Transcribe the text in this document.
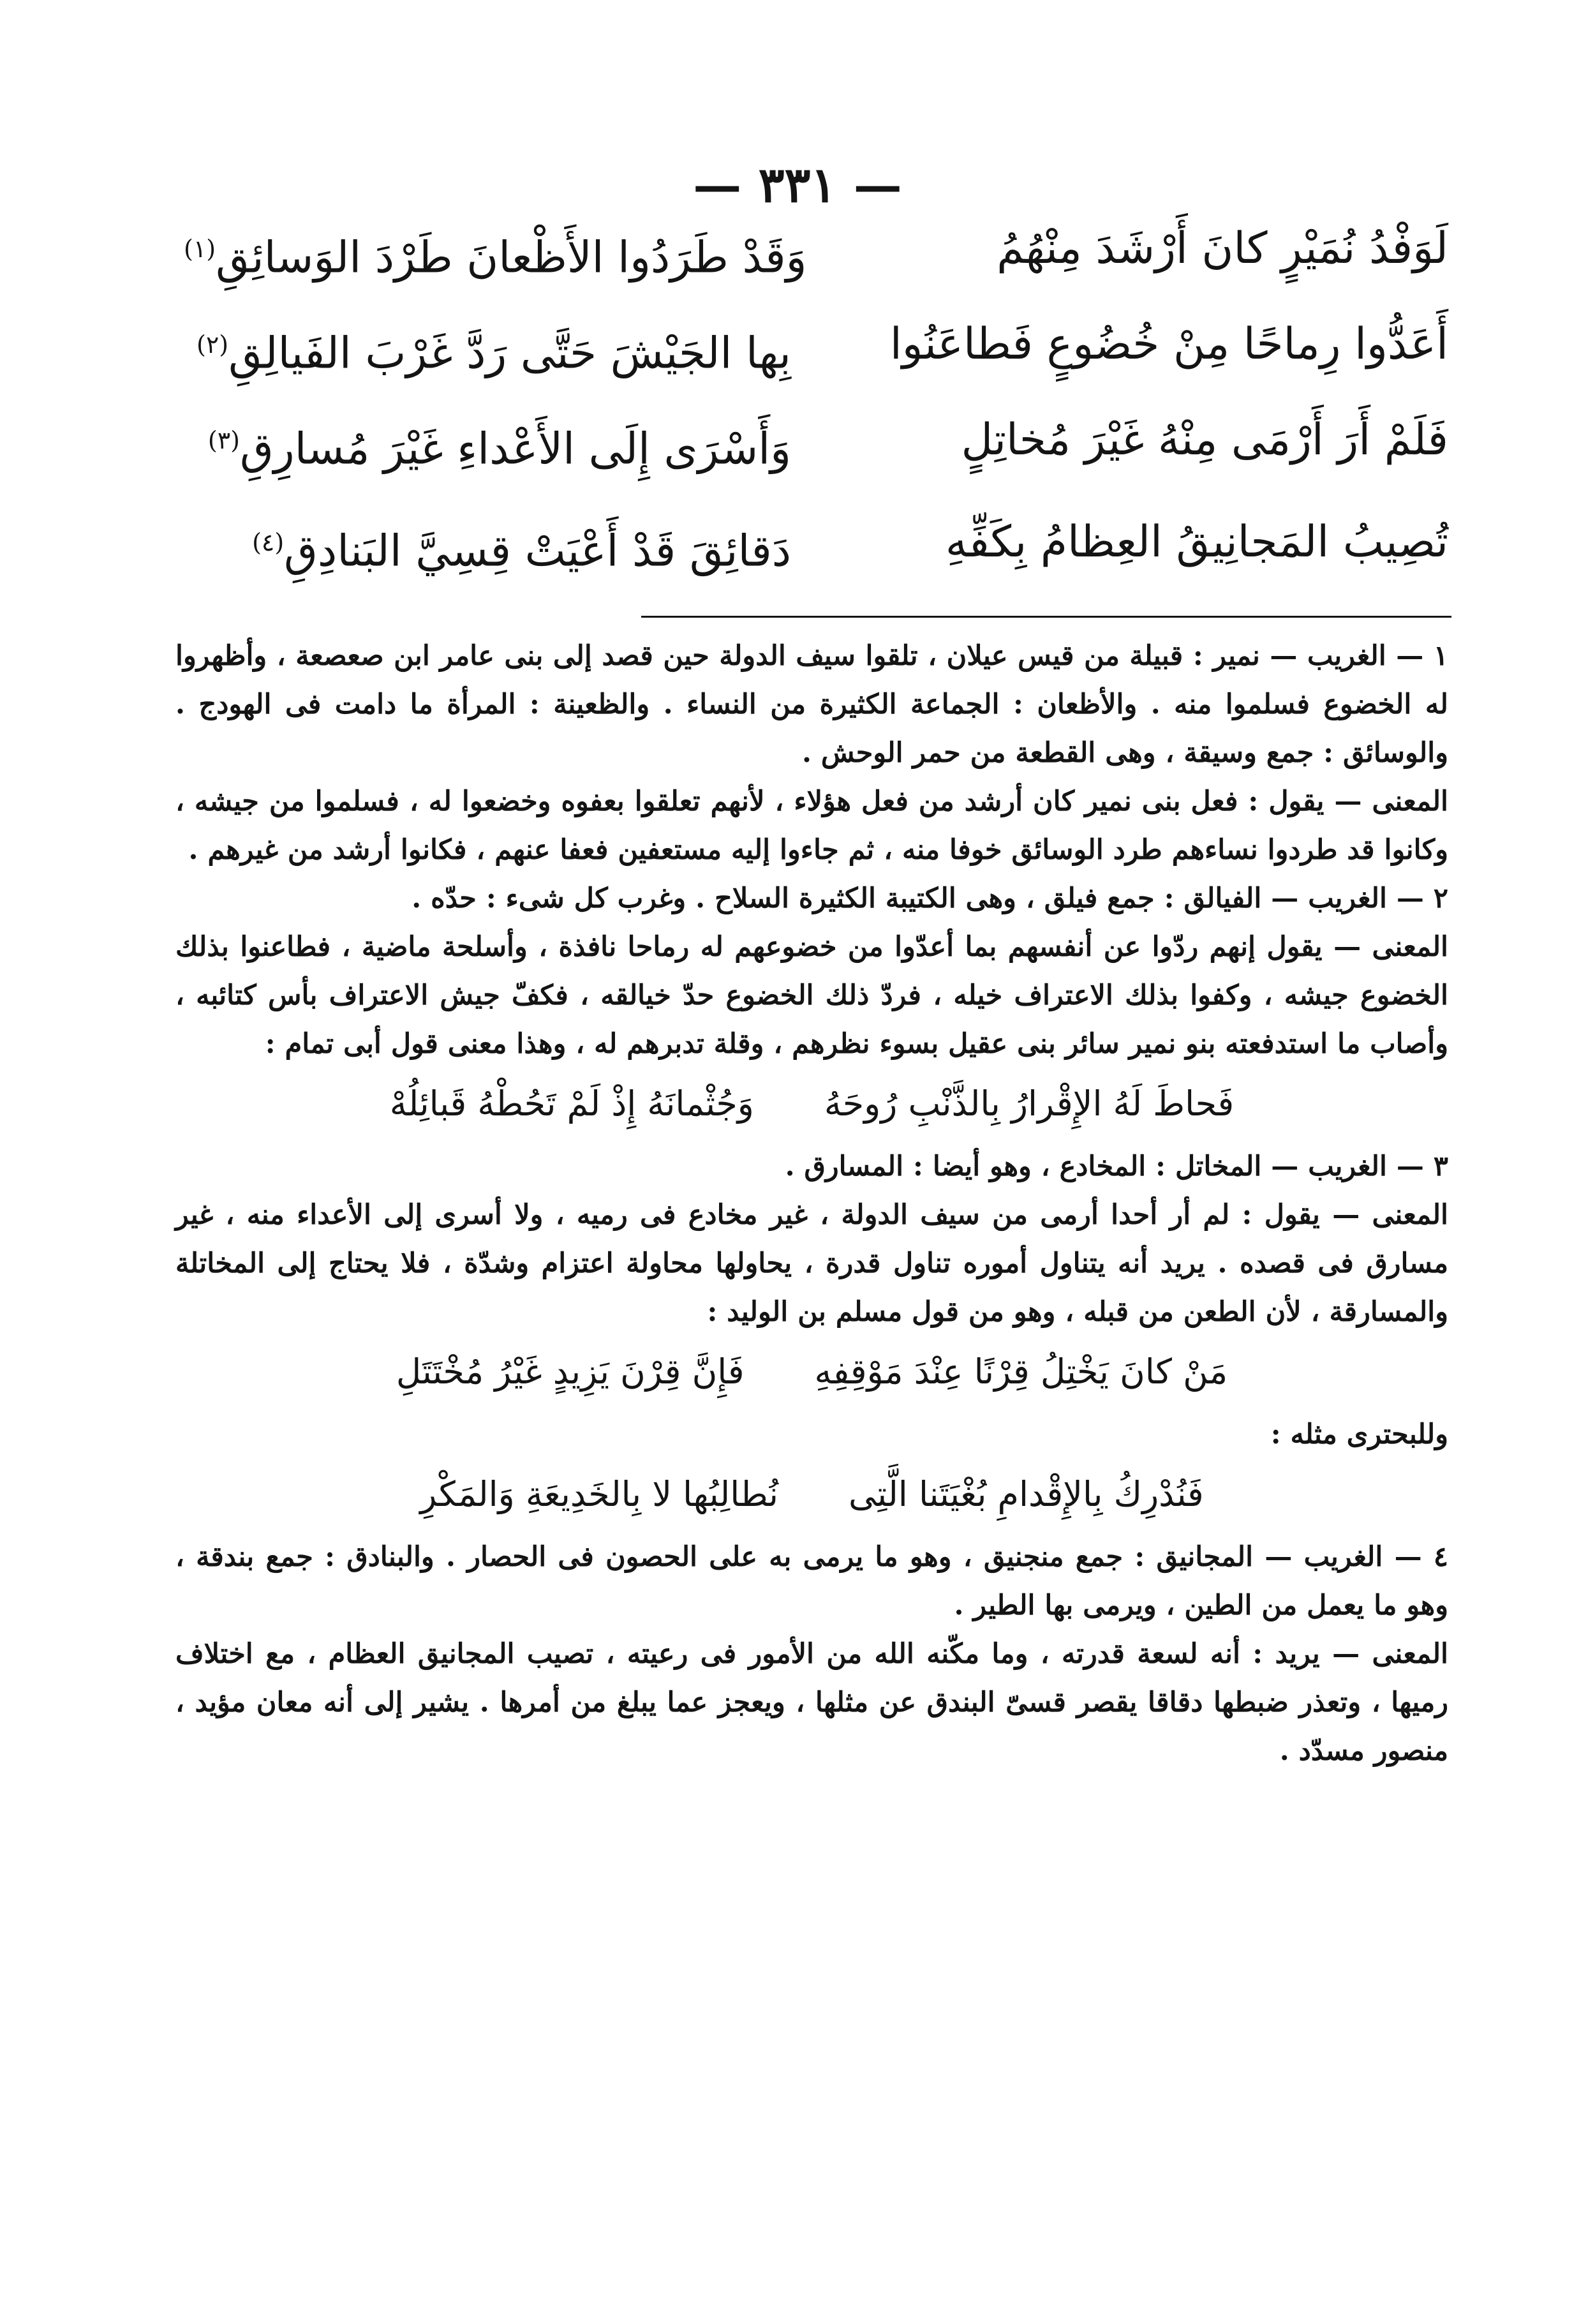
— ٣٣١ —
لَوَفْدُ نُمَيْرٍ كانَ أَرْشَدَ مِنْهُمُ
$^{(١)}$وَقَدْ طَرَدُوا الأَظْعانَ طَرْدَ الوَسائِقِ
أَعَدُّوا رِماحًا مِنْ خُضُوعٍ فَطاعَنُوا
$^{(٢)}$بِها الجَيْشَ حَتَّى رَدَّ غَرْبَ الفَيالِقِ
فَلَمْ أَرَ أَرْمَى مِنْهُ غَيْرَ مُخاتِلٍ
$^{(٣)}$وَأَسْرَى إِلَى الأَعْداءِ غَيْرَ مُسارِقِ
تُصِيبُ المَجانِيقُ العِظامُ بِكَفِّهِ
$^{(٤)}$دَقائِقَ قَدْ أَعْيَتْ قِسِيَّ البَنادِقِ

١ — الغريب — نمير : قبيلة من قيس عيلان ، تلقوا سيف الدولة حين قصد إلى بنى عامر ابن صعصعة ، وأظهروا له الخضوع فسلموا منه . والأظعان : الجماعة الكثيرة من النساء . والظعينة : المرأة ما دامت فى الهودج . والوسائق : جمع وسيقة ، وهى القطعة من حمر الوحش .

المعنى — يقول : فعل بنى نمير كان أرشد من فعل هؤلاء ، لأنهم تعلقوا بعفوه وخضعوا له ، فسلموا من جيشه ، وكانوا قد طردوا نساءهم طرد الوسائق خوفا منه ، ثم جاءوا إليه مستعفين فعفا عنهم ، فكانوا أرشد من غيرهم .

٢ — الغريب — الفيالق : جمع فيلق ، وهى الكتيبة الكثيرة السلاح . وغرب كل شىء : حدّه .

المعنى — يقول إنهم ردّوا عن أنفسهم بما أعدّوا من خضوعهم له رماحا نافذة ، وأسلحة ماضية ، فطاعنوا بذلك الخضوع جيشه ، وكفوا بذلك الاعتراف خيله ، فردّ ذلك الخضوع حدّ خيالقه ، فكفّ جيش الاعتراف بأس كتائبه ، وأصاب ما استدفعته بنو نمير سائر بنى عقيل بسوء نظرهم ، وقلة تدبرهم له ، وهذا معنى قول أبى تمام :

فَحاطَ لَهُ الإِقْرارُ بِالذَّنْبِ رُوحَهُوَجُثْمانَهُ إِذْ لَمْ تَحُطْهُ قَبائِلُهْ

٣ — الغريب — المخاتل : المخادع ، وهو أيضا : المسارق .

المعنى — يقول : لم أر أحدا أرمى من سيف الدولة ، غير مخادع فى رميه ، ولا أسرى إلى الأعداء منه ، غير مسارق فى قصده . يريد أنه يتناول أموره تناول قدرة ، يحاولها محاولة اعتزام وشدّة ، فلا يحتاج إلى المخاتلة والمسارقة ، لأن الطعن من قبله ، وهو من قول مسلم بن الوليد :

مَنْ كانَ يَخْتِلُ قِرْنًا عِنْدَ مَوْقِفِهِفَإِنَّ قِرْنَ يَزِيدٍ غَيْرُ مُخْتَتَلِ

وللبحترى مثله :

فَنُدْرِكُ بِالإِقْدامِ بُغْيَتَنا الَّتِىنُطالِبُها لا بِالخَدِيعَةِ وَالمَكْرِ

٤ — الغريب — المجانيق : جمع منجنيق ، وهو ما يرمى به على الحصون فى الحصار . والبنادق : جمع بندقة ، وهو ما يعمل من الطين ، ويرمى بها الطير .

المعنى — يريد : أنه لسعة قدرته ، وما مكّنه الله من الأمور فى رعيته ، تصيب المجانيق العظام ، مع اختلاف رميها ، وتعذر ضبطها دقاقا يقصر قسىّ البندق عن مثلها ، ويعجز عما يبلغ من أمرها . يشير إلى أنه معان مؤيد ، منصور مسدّد .
